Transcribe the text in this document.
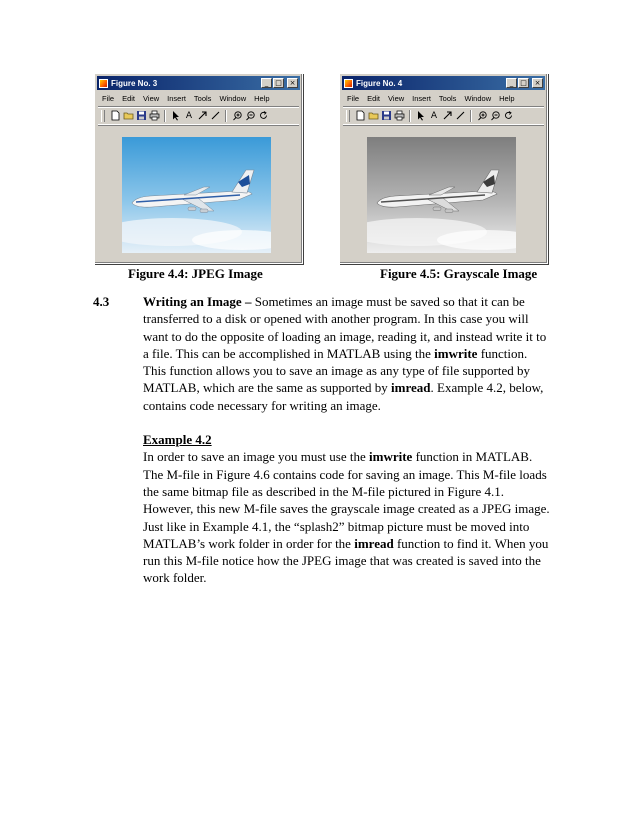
Figure No. 3	_ □	×
File	Edit	View	Insert	Tools	Window	Help
A
Figure No. 4	_ □	×
File	Edit	View	Insert	Tools	Window	Help
A
Figure 4.4: JPEG Image	Figure 4.5: Grayscale Image
4.3	Writing an Image – Sometimes an image must be saved so that it can be transferred to a disk or opened with another program. In this case you will want to do the opposite of loading an image, reading it, and instead write it to a file. This can be accomplished in MATLAB using the imwrite function. This function allows you to save an image as any type of file supported by MATLAB, which are the same as supported by imread. Example 4.2, below, contains code necessary for writing an image.

Example 4.2

In order to save an image you must use the imwrite function in MATLAB. The M-file in Figure 4.6 contains code for saving an image. This M-file loads the same bitmap file as described in the M-file pictured in Figure 4.1. However, this new M-file saves the grayscale image created as a JPEG image. Just like in Example 4.1, the “splash2” bitmap picture must be moved into MATLAB’s work folder in order for the imread function to find it. When you run this M-file notice how the JPEG image that was created is saved into the work folder.
